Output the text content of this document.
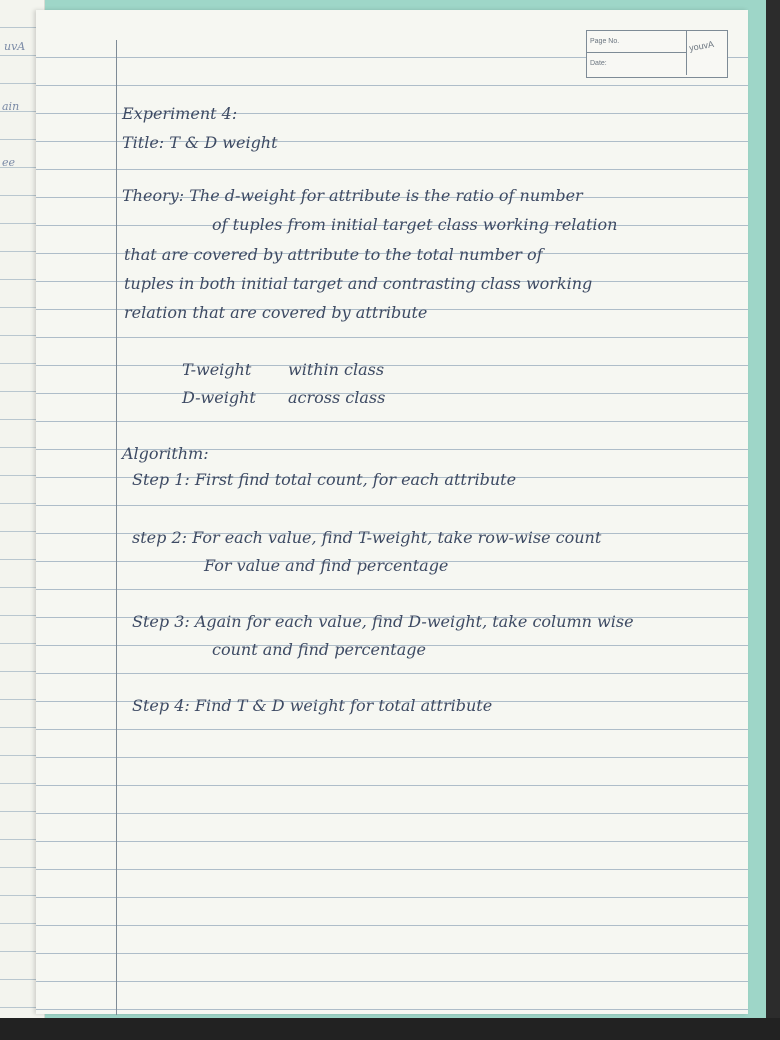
uvA
ain
ee
Page No.
Date:
youvA
Experiment 4:
Title: T & D weight
Theory: The d-weight for attribute is the ratio of number
of tuples from initial target class working relation
that are covered by attribute to the total number of
tuples in both initial target and contrasting class working
relation that are covered by attribute
T-weight within class
D-weight across class
Algorithm:
Step 1: First find total count, for each attribute
step 2: For each value, find T-weight, take row-wise count
For value and find percentage
Step 3: Again for each value, find D-weight, take column wise
count and find percentage
Step 4: Find T & D weight for total attribute
